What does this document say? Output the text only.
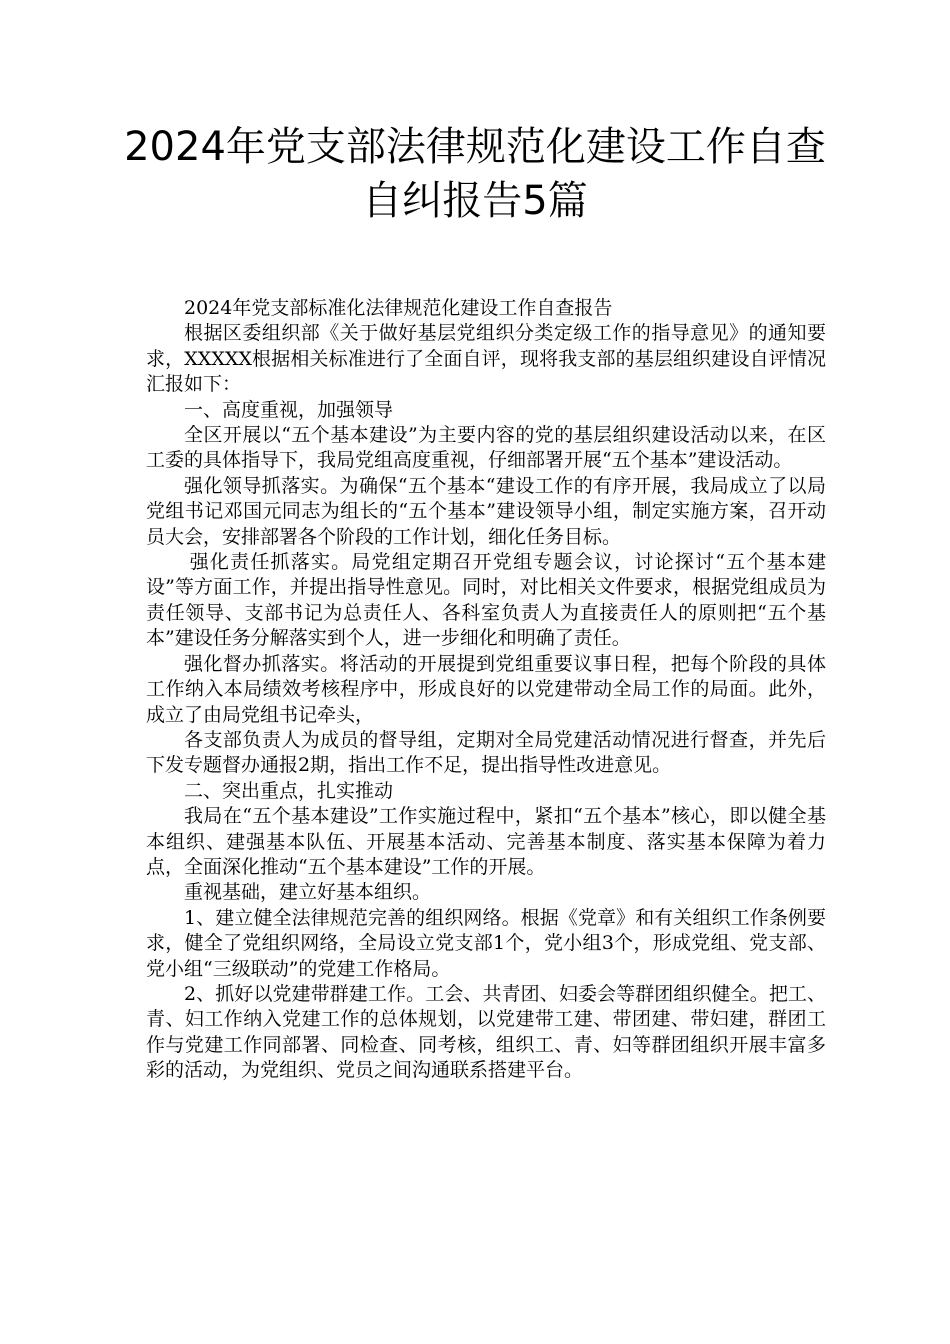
2024年党支部法律规范化建设工作自查
自纠报告5篇

2024年党支部标准化法律规范化建设工作自查报告

根据区委组织部《关于做好基层党组织分类定级工作的指导意见》的通知要求，XXXXX根据相关标准进行了全面自评，现将我支部的基层组织建设自评情况汇报如下：

一、高度重视，加强领导

全区开展以“五个基本建设”为主要内容的党的基层组织建设活动以来，在区工委的具体指导下，我局党组高度重视，仔细部署开展“五个基本”建设活动。

强化领导抓落实。为确保“五个基本“建设工作的有序开展，我局成立了以局党组书记邓国元同志为组长的“五个基本”建设领导小组，制定实施方案，召开动员大会，安排部署各个阶段的工作计划，细化任务目标。

强化责任抓落实。局党组定期召开党组专题会议，讨论探讨“五个基本建设”等方面工作，并提出指导性意见。同时，对比相关文件要求，根据党组成员为责任领导、支部书记为总责任人、各科室负责人为直接责任人的原则把“五个基本”建设任务分解落实到个人，进一步细化和明确了责任。

强化督办抓落实。将活动的开展提到党组重要议事日程，把每个阶段的具体工作纳入本局绩效考核程序中，形成良好的以党建带动全局工作的局面。此外，成立了由局党组书记牵头，

各支部负责人为成员的督导组，定期对全局党建活动情况进行督查，并先后下发专题督办通报2期，指出工作不足，提出指导性改进意见。

二、突出重点，扎实推动

我局在“五个基本建设”工作实施过程中，紧扣“五个基本”核心，即以健全基本组织、建强基本队伍、开展基本活动、完善基本制度、落实基本保障为着力点，全面深化推动“五个基本建设”工作的开展。

重视基础，建立好基本组织。

1、建立健全法律规范完善的组织网络。根据《党章》和有关组织工作条例要求，健全了党组织网络，全局设立党支部1个，党小组3个，形成党组、党支部、党小组“三级联动”的党建工作格局。

2、抓好以党建带群建工作。工会、共青团、妇委会等群团组织健全。把工、青、妇工作纳入党建工作的总体规划，以党建带工建、带团建、带妇建，群团工作与党建工作同部署、同检查、同考核，组织工、青、妇等群团组织开展丰富多彩的活动，为党组织、党员之间沟通联系搭建平台。
